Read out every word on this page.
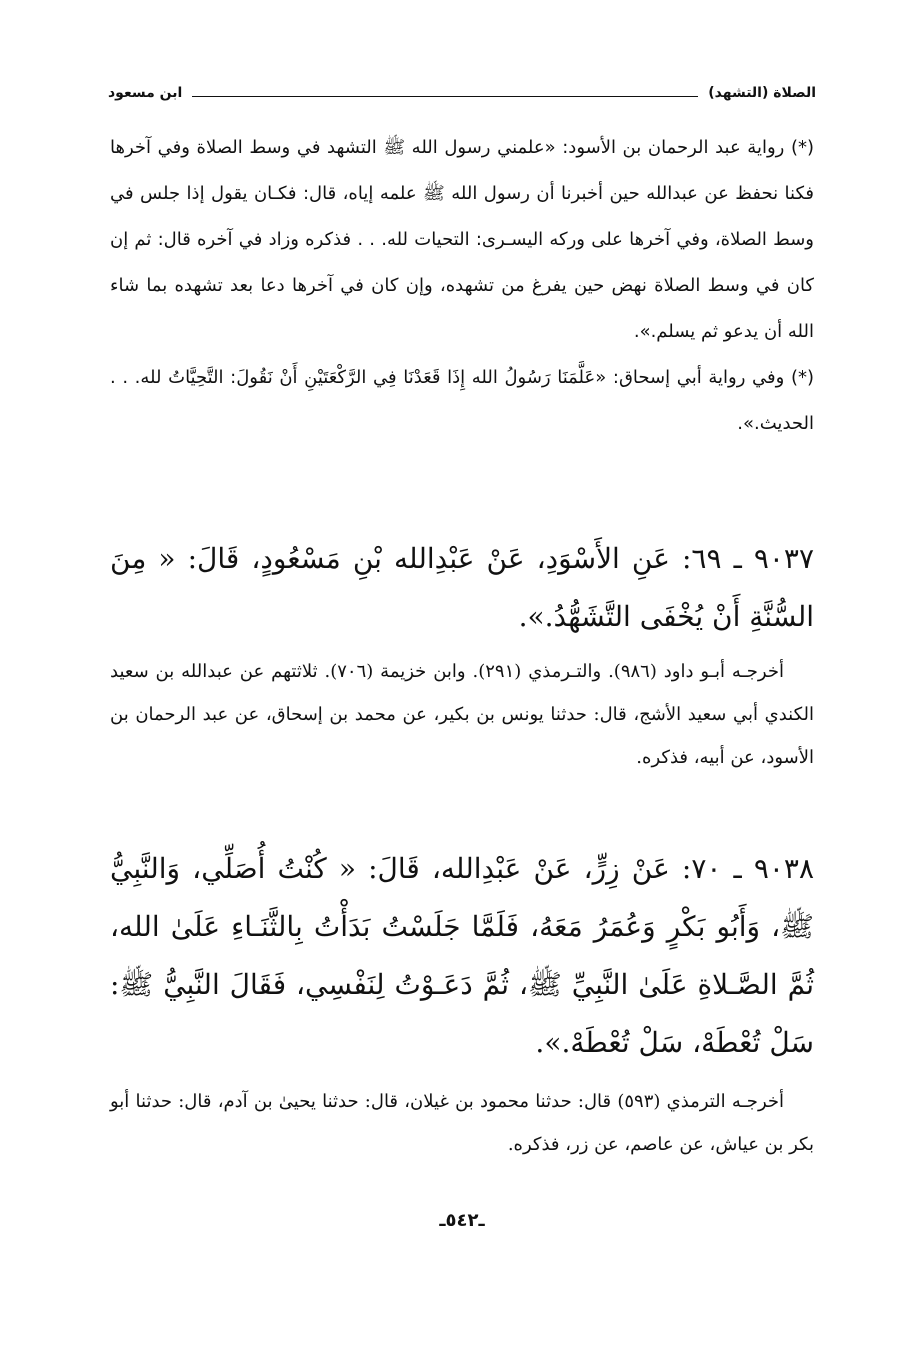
الصلاة (التشهد)
ابن مسعود

(*) رواية عبد الرحمان بن الأسود: «علمني رسول الله ﷺ التشهد في وسط الصلاة وفي آخرها فكنا نحفظ عن عبدالله حين أخبرنا أن رسول الله ﷺ علمه إياه، قال: فكـان يقول إذا جلس في وسط الصلاة، وفي آخرها على وركه اليسـرى: التحيات لله. . . فذكره وزاد في آخره قال: ثم إن كان في وسط الصلاة نهض حين يفرغ من تشهده، وإن كان في آخرها دعا بعد تشهده بما شاء الله أن يدعو ثم يسلم.».

(*) وفي رواية أبي إسحاق: «عَلَّمَنَا رَسُولُ الله إِذَا قَعَدْنَا فِي الرَّكْعَتَيْنِ أَنْ نَقُولَ: التَّحِيَّاتُ لله. . . الحديث.».

٩٠٣٧ ـ ٦٩: عَنِ الأَسْوَدِ، عَنْ عَبْدِالله بْنِ مَسْعُودٍ، قَالَ: « مِنَ السُّنَّةِ أَنْ يُخْفَى التَّشَهُّدُ.».

أخرجـه أبـو داود (٩٨٦). والتـرمذي (٢٩١). وابن خزيمة (٧٠٦). ثلاثتهم عن عبدالله بن سعيد الكندي أبي سعيد الأشج، قال: حدثنا يونس بن بكير، عن محمد بن إسحاق، عن عبد الرحمان بن الأسود، عن أبيه، فذكره.

٩٠٣٨ ـ ٧٠: عَنْ زِرٍّ، عَنْ عَبْدِالله، قَالَ: « كُنْتُ أُصَلِّي، وَالنَّبِيُّ ﷺ، وَأَبُو بَكْرٍ وَعُمَرُ مَعَهُ، فَلَمَّا جَلَسْتُ بَدَأْتُ بِالثَّنَـاءِ عَلَىٰ الله، ثُمَّ الصَّـلاةِ عَلَىٰ النَّبِيِّ ﷺ، ثُمَّ دَعَـوْتُ لِنَفْسِي، فَقَالَ النَّبِيُّ ﷺ: سَلْ تُعْطَهْ، سَلْ تُعْطَهْ.».

أخرجـه الترمذي (٥٩٣) قال: حدثنا محمود بن غيلان، قال: حدثنا يحيىٰ بن آدم، قال: حدثنا أبو بكر بن عياش، عن عاصم، عن زر، فذكره.

ـ٥٤٢ـ
